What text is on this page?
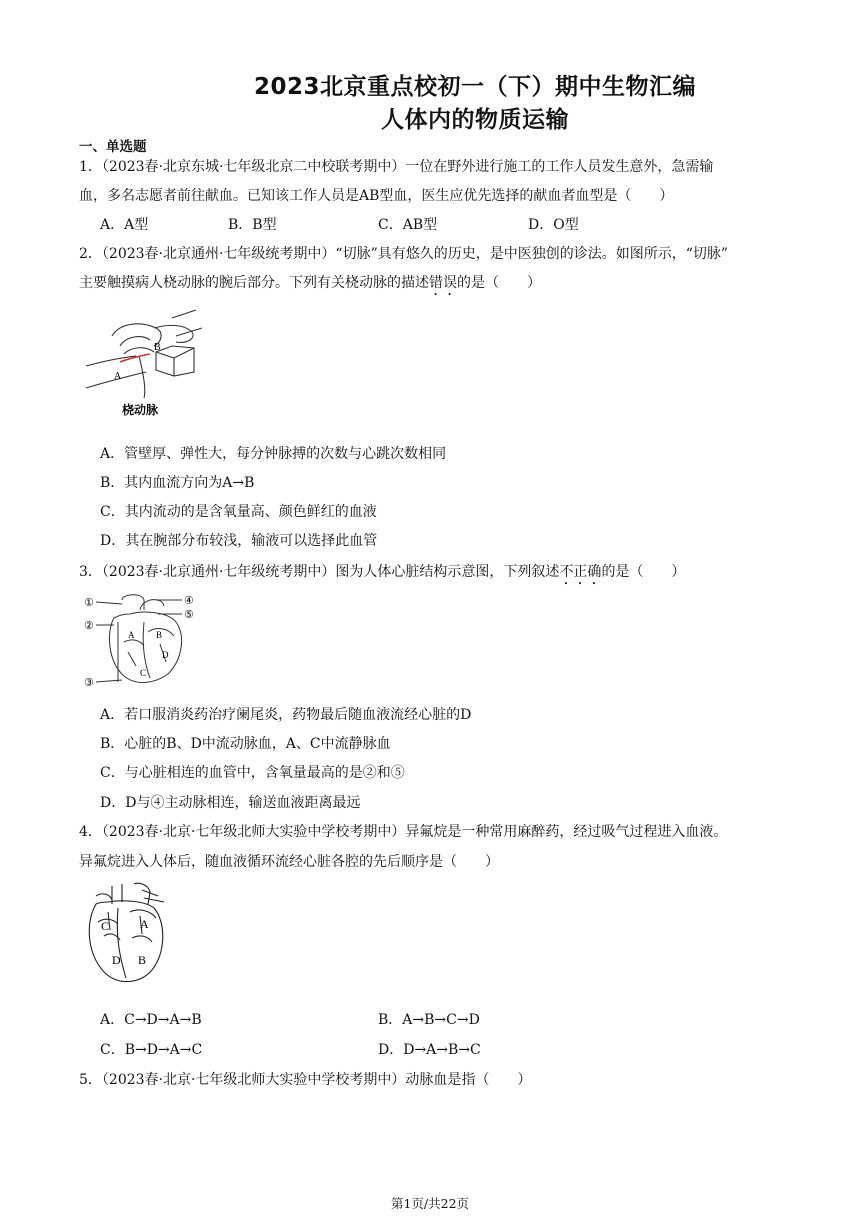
2023北京重点校初一（下）期中生物汇编
人体内的物质运输
一、单选题
1．（2023春·北京东城·七年级北京二中校联考期中）一位在野外进行施工的工作人员发生意外，急需输
血，多名志愿者前往献血。已知该工作人员是AB型血，医生应优先选择的献血者血型是（　　）
A．A型	B．B型	C．AB型	D．O型
2．（2023春·北京通州·七年级统考期中）“切脉”具有悠久的历史，是中医独创的诊法。如图所示，“切脉”
主要触摸病人桡动脉的腕后部分。下列有关桡动脉的描述错误的是（　　）
B
A
桡动脉
A．管壁厚、弹性大，每分钟脉搏的次数与心跳次数相同
B．其内血流方向为A→B
C．其内流动的是含氧量高、颜色鲜红的血液
D．其在腕部分布较浅，输液可以选择此血管
3．（2023春·北京通州·七年级统考期中）图为人体心脏结构示意图，下列叙述不正确的是（　　）
①
②
③
④
⑤
A B
C
D
A．若口服消炎药治疗阑尾炎，药物最后随血液流经心脏的D
B．心脏的B、D中流动脉血，A、C中流静脉血
C．与心脏相连的血管中，含氧量最高的是②和⑤
D．D与④主动脉相连，输送血液距离最远
4．（2023春·北京·七年级北师大实验中学校考期中）异氟烷是一种常用麻醉药，经过吸气过程进入血液。
异氟烷进入人体后，随血液循环流经心脏各腔的先后顺序是（　　）
C	A
D B
A．C→D→A→B	B．A→B→C→D
C．B→D→A→C	D．D→A→B→C
5．（2023春·北京·七年级北师大实验中学校考期中）动脉血是指（　　）
第1页/共22页
